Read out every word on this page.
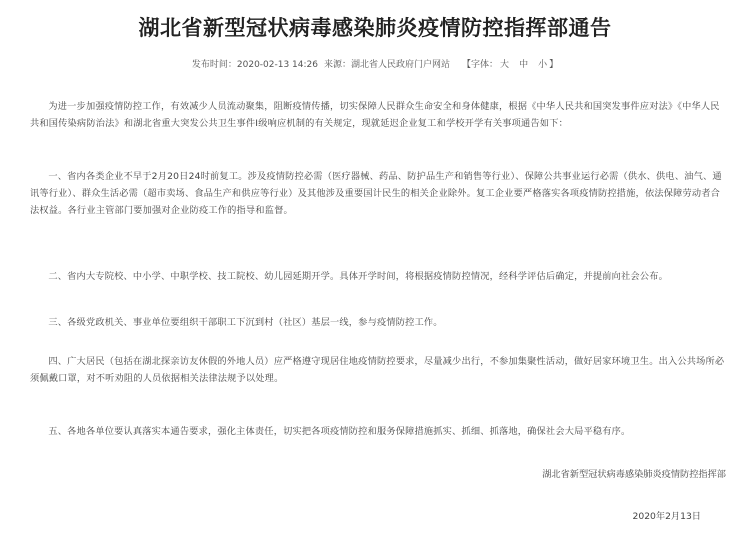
湖北省新型冠状病毒感染肺炎疫情防控指挥部通告
发布时间：2020-02-13 14:26 来源：湖北省人民政府门户网站 【字体： 大 中 小 】

为进一步加强疫情防控工作，有效减少人员流动聚集，阻断疫情传播，切实保障人民群众生命安全和身体健康，根据《中华人民共和国突发事件应对法》《中华人民共和国传染病防治法》和湖北省重大突发公共卫生事件I级响应机制的有关规定，现就延迟企业复工和学校开学有关事项通告如下：

一、省内各类企业不早于2月20日24时前复工。涉及疫情防控必需（医疗器械、药品、防护品生产和销售等行业）、保障公共事业运行必需（供水、供电、油气、通讯等行业）、群众生活必需（超市卖场、食品生产和供应等行业）及其他涉及重要国计民生的相关企业除外。复工企业要严格落实各项疫情防控措施，依法保障劳动者合法权益。各行业主管部门要加强对企业防疫工作的指导和监督。

二、省内大专院校、中小学、中职学校、技工院校、幼儿园延期开学。具体开学时间，将根据疫情防控情况，经科学评估后确定，并提前向社会公布。

三、各级党政机关、事业单位要组织干部职工下沉到村（社区）基层一线，参与疫情防控工作。

四、广大居民（包括在湖北探亲访友休假的外地人员）应严格遵守现居住地疫情防控要求，尽量减少出行，不参加集聚性活动，做好居家环境卫生。出入公共场所必须佩戴口罩，对不听劝阻的人员依据相关法律法规予以处理。

五、各地各单位要认真落实本通告要求，强化主体责任，切实把各项疫情防控和服务保障措施抓实、抓细、抓落地，确保社会大局平稳有序。

湖北省新型冠状病毒感染肺炎疫情防控指挥部
2020年2月13日
